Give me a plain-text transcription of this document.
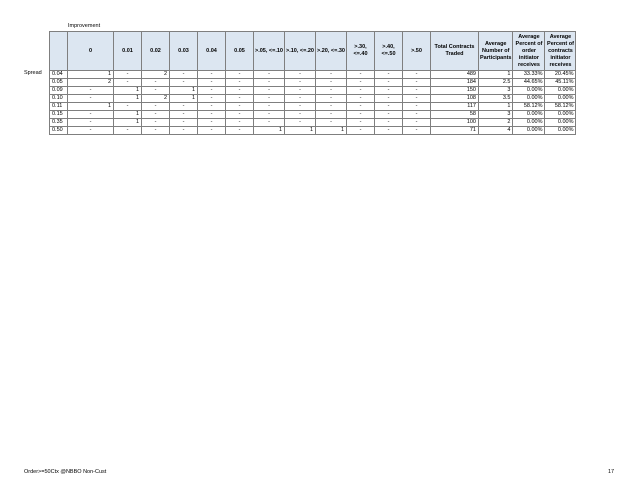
Improvement
Spread
	0	0.01	0.02	0.03	0.04	0.05	>.05, <=.10	>.10, <=.20	>.20, <=.30	>.30, <=.40	>.40, <=.50	>.50	Total Contracts Traded	Average Number of Participants	Average Percent of order initiator receives	Average Percent of contracts initiator receives
0.04	1	-	2	-	-	-	-	-	-	-	-	-	489	1	33.33%	20.45%
0.05	2	-	-	-	-	-	-	-	-	-	-	-	184	2.5	44.65%	45.11%
0.09	-	1	-	1	-	-	-	-	-	-	-	-	150	3	0.00%	0.00%
0.10	-	1	2	1	-	-	-	-	-	-	-	-	108	3.5	0.00%	0.00%
0.11	1	-	-	-	-	-	-	-	-	-	-	-	117	1	58.12%	58.12%
0.15	-	1	-	-	-	-	-	-	-	-	-	-	58	3	0.00%	0.00%
0.35	-	1	-	-	-	-	-	-	-	-	-	-	100	2	0.00%	0.00%
0.50	-	-	-	-	-	-	1	1	1	-	-	-	71	4	0.00%	0.00%
Order>=50Ctx @NBBO Non-Cust	17
